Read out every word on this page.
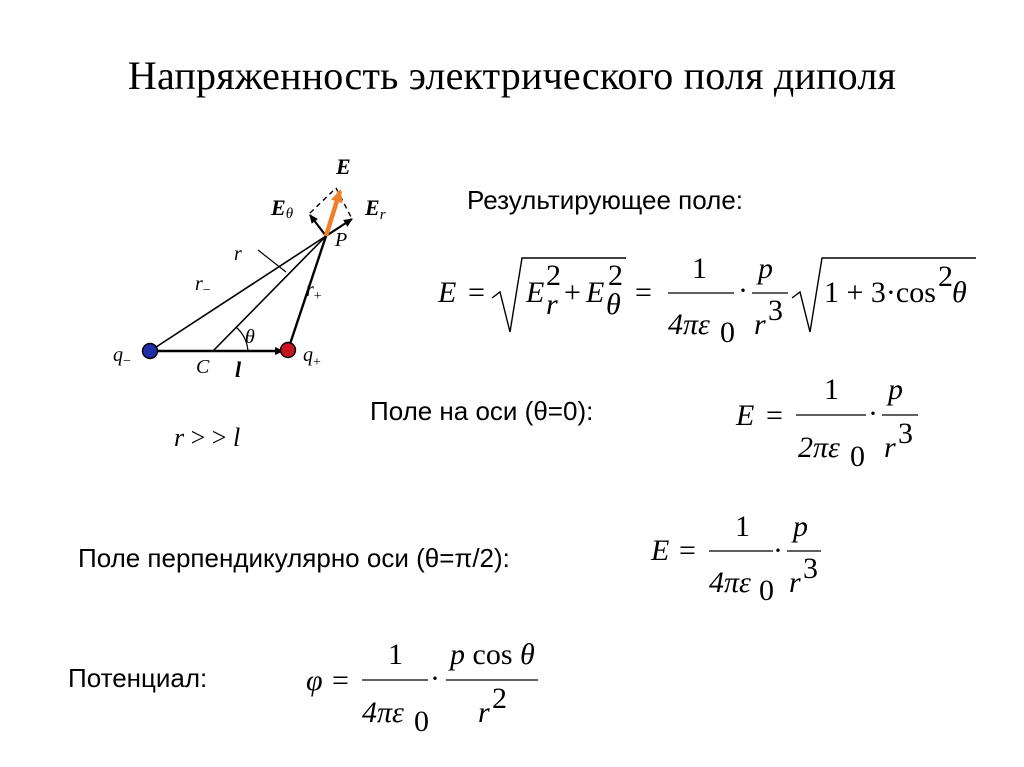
Напряженность электрического поля диполя
E
Eθ	Er
P
r
$r_-$	$r_+$
θ
$q_-$	$q_+$
C l
r > > l
Результирующее поле:
Поле на оси (θ=0):
Поле перпендикулярно оси (θ=π/2):
Потенциал:
E = E
2
r + E
2
θ =
1
4πε 0
·
p
r 3
1 + 3·cos 2 θ
E =
1
2πε 0
·
p
r 3
E =
1
4πε 0
·
p
r 3
φ =
1
4πε 0
·
p cos θ
r 2
